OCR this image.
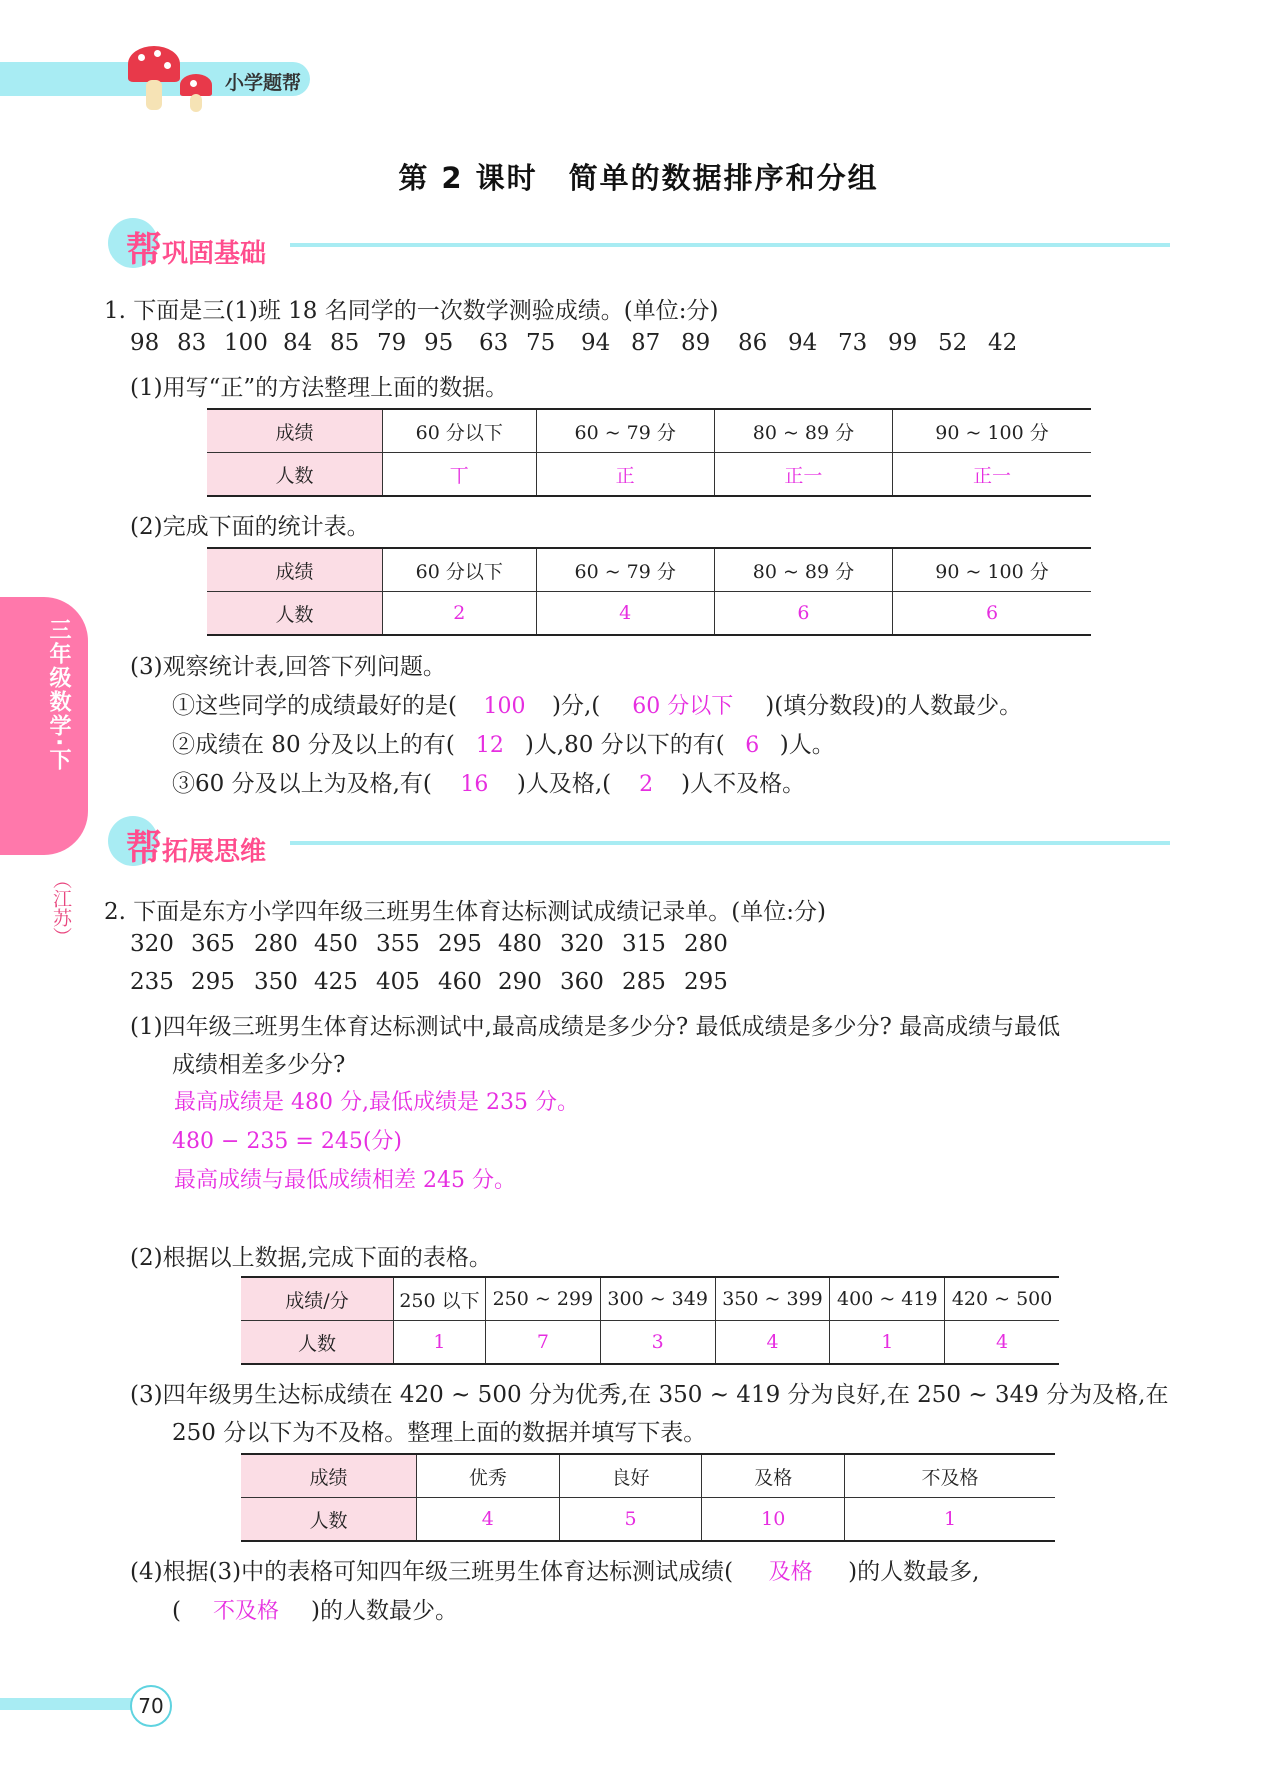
小学题帮
三年级数学·下
（江苏）
第 2 课时　简单的数据排序和分组
帮巩固基础
1. 下面是三(1)班 18 名同学的一次数学测验成绩。(单位:分)
98 83 100 84 85 79 95 63 75 94 87 89 86 94 73 99 52 42
(1)用写“正”的方法整理上面的数据。
成绩	60 分以下	60 ~ 79 分	80 ~ 89 分	90 ~ 100 分
人数	丅	正	正一	正一
(2)完成下面的统计表。
成绩	60 分以下	60 ~ 79 分	80 ~ 89 分	90 ~ 100 分
人数	2	4	6	6
(3)观察统计表,回答下列问题。
①这些同学的成绩最好的是( 100 )分,( 60 分以下 )(填分数段)的人数最少。
②成绩在 80 分及以上的有( 12 )人,80 分以下的有( 6 )人。
③60 分及以上为及格,有( 16 )人及格,( 2 )人不及格。
帮拓展思维
2. 下面是东方小学四年级三班男生体育达标测试成绩记录单。(单位:分)
320 365 280 450 355 295 480 320 315 280
235 295 350 425 405 460 290 360 285 295
(1)四年级三班男生体育达标测试中,最高成绩是多少分? 最低成绩是多少分? 最高成绩与最低
成绩相差多少分?
最高成绩是 480 分,最低成绩是 235 分。
480 − 235 = 245(分)
最高成绩与最低成绩相差 245 分。
(2)根据以上数据,完成下面的表格。
成绩/分	250 以下	250 ~ 299	300 ~ 349	350 ~ 399	400 ~ 419	420 ~ 500
人数	1	7	3	4	1	4
(3)四年级男生达标成绩在 420 ~ 500 分为优秀,在 350 ~ 419 分为良好,在 250 ~ 349 分为及格,在
250 分以下为不及格。整理上面的数据并填写下表。
成绩	优秀	良好	及格	不及格
人数	4	5	10	1
(4)根据(3)中的表格可知四年级三班男生体育达标测试成绩( 及格 )的人数最多,
( 不及格 )的人数最少。
70
